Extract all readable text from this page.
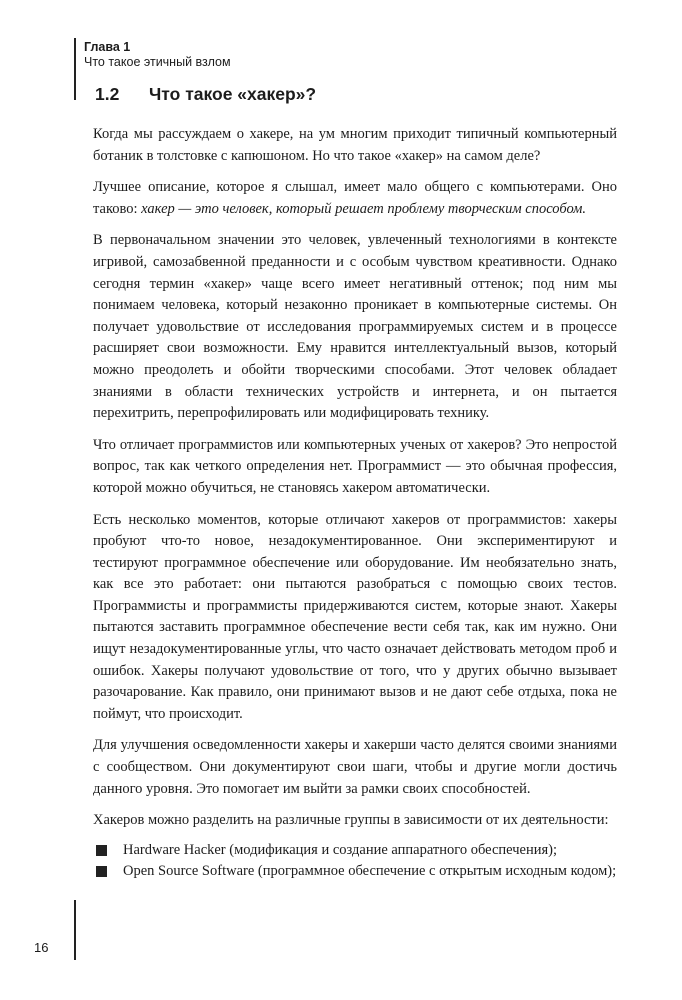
Глава 1
Что такое этичный взлом
1.2 Что такое «хакер»?

Когда мы рассуждаем о хакере, на ум многим приходит типичный компьютерный ботаник в толстовке с капюшоном. Но что такое «хакер» на самом деле?

Лучшее описание, которое я слышал, имеет мало общего с компьютерами. Оно таково: хакер — это человек, который решает проблему творческим способом.

В первоначальном значении это человек, увлеченный технологиями в контексте игривой, самозабвенной преданности и с особым чувством креативности. Однако сегодня термин «хакер» чаще всего имеет негативный оттенок; под ним мы понимаем человека, который незаконно проникает в компьютерные системы. Он получает удовольствие от исследования программируемых систем и в процессе расширяет свои возможности. Ему нравится интеллектуальный вызов, который можно преодолеть и обойти творческими способами. Этот человек обладает знаниями в области технических устройств и интернета, и он пытается перехитрить, перепрофилировать или модифицировать технику.

Что отличает программистов или компьютерных ученых от хакеров? Это непростой вопрос, так как четкого определения нет. Программист — это обычная профессия, которой можно обучиться, не становясь хакером автоматически.

Есть несколько моментов, которые отличают хакеров от программистов: хакеры пробуют что-то новое, незадокументированное. Они экспериментируют и тестируют программное обеспечение или оборудование. Им необязательно знать, как все это работает: они пытаются разобраться с помощью своих тестов. Программисты и программисты придерживаются систем, которые знают. Хакеры пытаются заставить программное обеспечение вести себя так, как им нужно. Они ищут незадокументированные углы, что часто означает действовать методом проб и ошибок. Хакеры получают удовольствие от того, что у других обычно вызывает разочарование. Как правило, они принимают вызов и не дают себе отдыха, пока не поймут, что происходит.

Для улучшения осведомленности хакеры и хакерши часто делятся своими знаниями с сообществом. Они документируют свои шаги, чтобы и другие могли достичь данного уровня. Это помогает им выйти за рамки своих способностей.

Хакеров можно разделить на различные группы в зависимости от их деятельности:

Hardware Hacker (модификация и создание аппаратного обеспечения);
Open Source Software (программное обеспечение с открытым исходным кодом);
16
